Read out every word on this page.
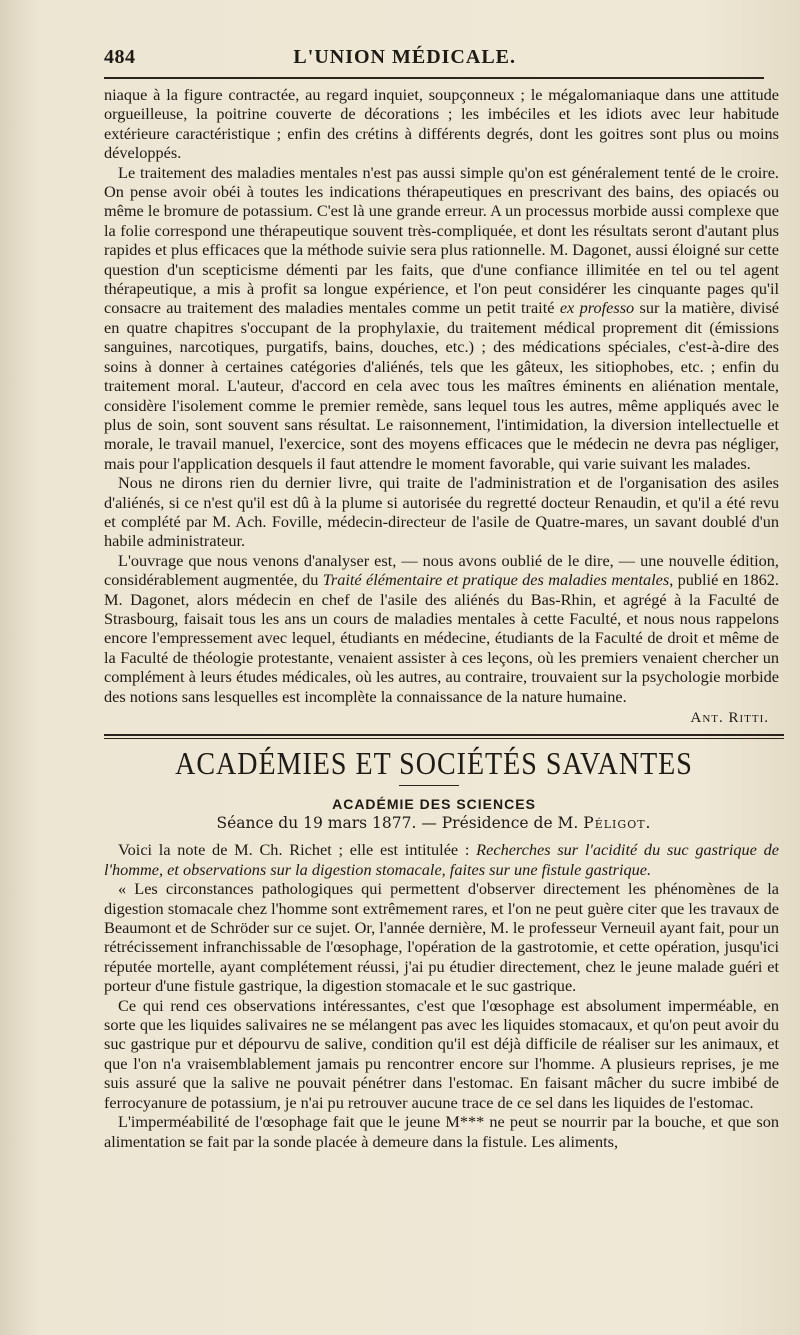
484	L'UNION MÉDICALE.

niaque à la figure contractée, au regard inquiet, soupçonneux ; le mégalomaniaque dans une attitude orgueilleuse, la poitrine couverte de décorations ; les imbéciles et les idiots avec leur habitude extérieure caractéristique ; enfin des crétins à différents degrés, dont les goitres sont plus ou moins développés.

Le traitement des maladies mentales n'est pas aussi simple qu'on est généralement tenté de le croire. On pense avoir obéi à toutes les indications thérapeutiques en prescrivant des bains, des opiacés ou même le bromure de potassium. C'est là une grande erreur. A un processus morbide aussi complexe que la folie correspond une thérapeutique souvent très-compliquée, et dont les résultats seront d'autant plus rapides et plus efficaces que la méthode suivie sera plus rationnelle. M. Dagonet, aussi éloigné sur cette question d'un scepticisme démenti par les faits, que d'une confiance illimitée en tel ou tel agent thérapeutique, a mis à profit sa longue expérience, et l'on peut considérer les cinquante pages qu'il consacre au traitement des maladies mentales comme un petit traité ex professo sur la matière, divisé en quatre chapitres s'occupant de la prophylaxie, du traitement médical proprement dit (émissions sanguines, narcotiques, purgatifs, bains, douches, etc.) ; des médications spéciales, c'est-à-dire des soins à donner à certaines catégories d'aliénés, tels que les gâteux, les sitiophobes, etc. ; enfin du traitement moral. L'auteur, d'accord en cela avec tous les maîtres éminents en aliénation mentale, considère l'isolement comme le premier remède, sans lequel tous les autres, même appliqués avec le plus de soin, sont souvent sans résultat. Le raisonnement, l'intimidation, la diversion intellectuelle et morale, le travail manuel, l'exercice, sont des moyens efficaces que le médecin ne devra pas négliger, mais pour l'application desquels il faut attendre le moment favorable, qui varie suivant les malades.

Nous ne dirons rien du dernier livre, qui traite de l'administration et de l'organisation des asiles d'aliénés, si ce n'est qu'il est dû à la plume si autorisée du regretté docteur Renaudin, et qu'il a été revu et complété par M. Ach. Foville, médecin-directeur de l'asile de Quatre-mares, un savant doublé d'un habile administrateur.

L'ouvrage que nous venons d'analyser est, — nous avons oublié de le dire, — une nouvelle édition, considérablement augmentée, du Traité élémentaire et pratique des maladies mentales, publié en 1862. M. Dagonet, alors médecin en chef de l'asile des aliénés du Bas-Rhin, et agrégé à la Faculté de Strasbourg, faisait tous les ans un cours de maladies mentales à cette Faculté, et nous nous rappelons encore l'empressement avec lequel, étudiants en médecine, étudiants de la Faculté de droit et même de la Faculté de théologie protestante, venaient assister à ces leçons, où les premiers venaient chercher un complément à leurs études médicales, où les autres, au contraire, trouvaient sur la psychologie morbide des notions sans lesquelles est incomplète la connaissance de la nature humaine.

Ant. Ritti.
ACADÉMIES ET SOCIÉTÉS SAVANTES
ACADÉMIE DES SCIENCES
Séance du 19 mars 1877. — Présidence de M. Péligot.

Voici la note de M. Ch. Richet ; elle est intitulée : Recherches sur l'acidité du suc gastrique de l'homme, et observations sur la digestion stomacale, faites sur une fistule gastrique.

« Les circonstances pathologiques qui permettent d'observer directement les phénomènes de la digestion stomacale chez l'homme sont extrêmement rares, et l'on ne peut guère citer que les travaux de Beaumont et de Schröder sur ce sujet. Or, l'année dernière, M. le professeur Verneuil ayant fait, pour un rétrécissement infranchissable de l'œsophage, l'opération de la gastrotomie, et cette opération, jusqu'ici réputée mortelle, ayant complétement réussi, j'ai pu étudier directement, chez le jeune malade guéri et porteur d'une fistule gastrique, la digestion stomacale et le suc gastrique.

Ce qui rend ces observations intéressantes, c'est que l'œsophage est absolument imperméable, en sorte que les liquides salivaires ne se mélangent pas avec les liquides stomacaux, et qu'on peut avoir du suc gastrique pur et dépourvu de salive, condition qu'il est déjà difficile de réaliser sur les animaux, et que l'on n'a vraisemblablement jamais pu rencontrer encore sur l'homme. A plusieurs reprises, je me suis assuré que la salive ne pouvait pénétrer dans l'estomac. En faisant mâcher du sucre imbibé de ferrocyanure de potassium, je n'ai pu retrouver aucune trace de ce sel dans les liquides de l'estomac.

L'imperméabilité de l'œsophage fait que le jeune M*** ne peut se nourrir par la bouche, et que son alimentation se fait par la sonde placée à demeure dans la fistule. Les aliments,
